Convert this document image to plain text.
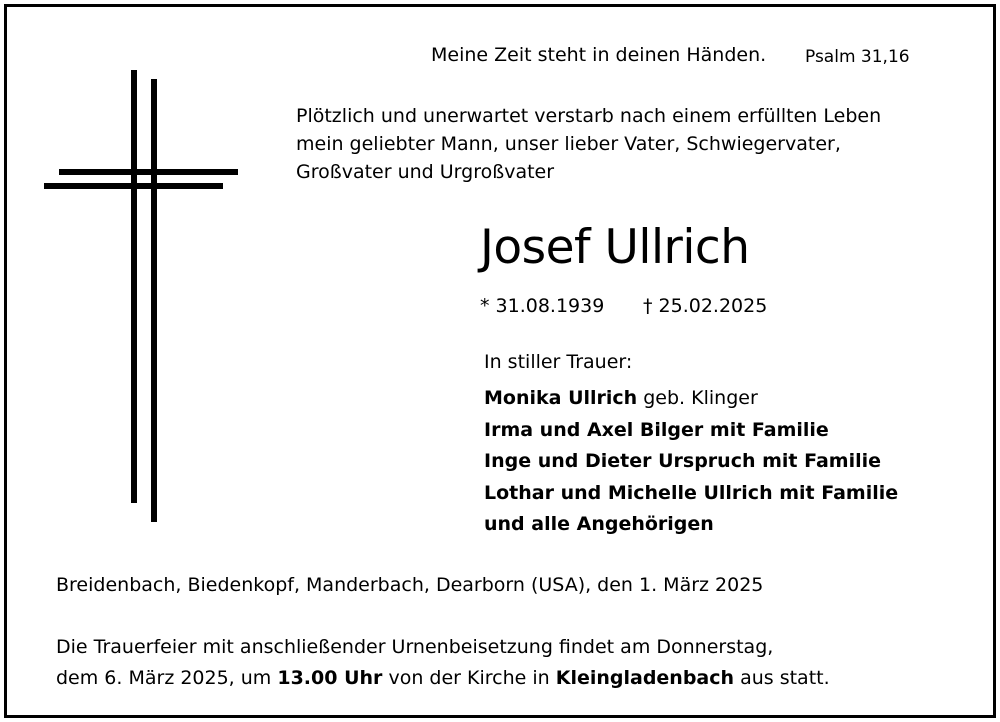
Meine Zeit steht in deinen Händen. Psalm 31,16
Plötzlich und unerwartet verstarb nach einem erfüllten Leben
mein geliebter Mann, unser lieber Vater, Schwiegervater,
Großvater und Urgroßvater
Josef Ullrich
* 31.08.1939 † 25.02.2025
In stiller Trauer:
Monika Ullrich geb. Klinger
Irma und Axel Bilger mit Familie
Inge und Dieter Urspruch mit Familie
Lothar und Michelle Ullrich mit Familie
und alle Angehörigen
Breidenbach, Biedenkopf, Manderbach, Dearborn (USA), den 1. März 2025
Die Trauerfeier mit anschließender Urnenbeisetzung findet am Donnerstag,
dem 6. März 2025, um 13.00 Uhr von der Kirche in Kleingladenbach aus statt.
